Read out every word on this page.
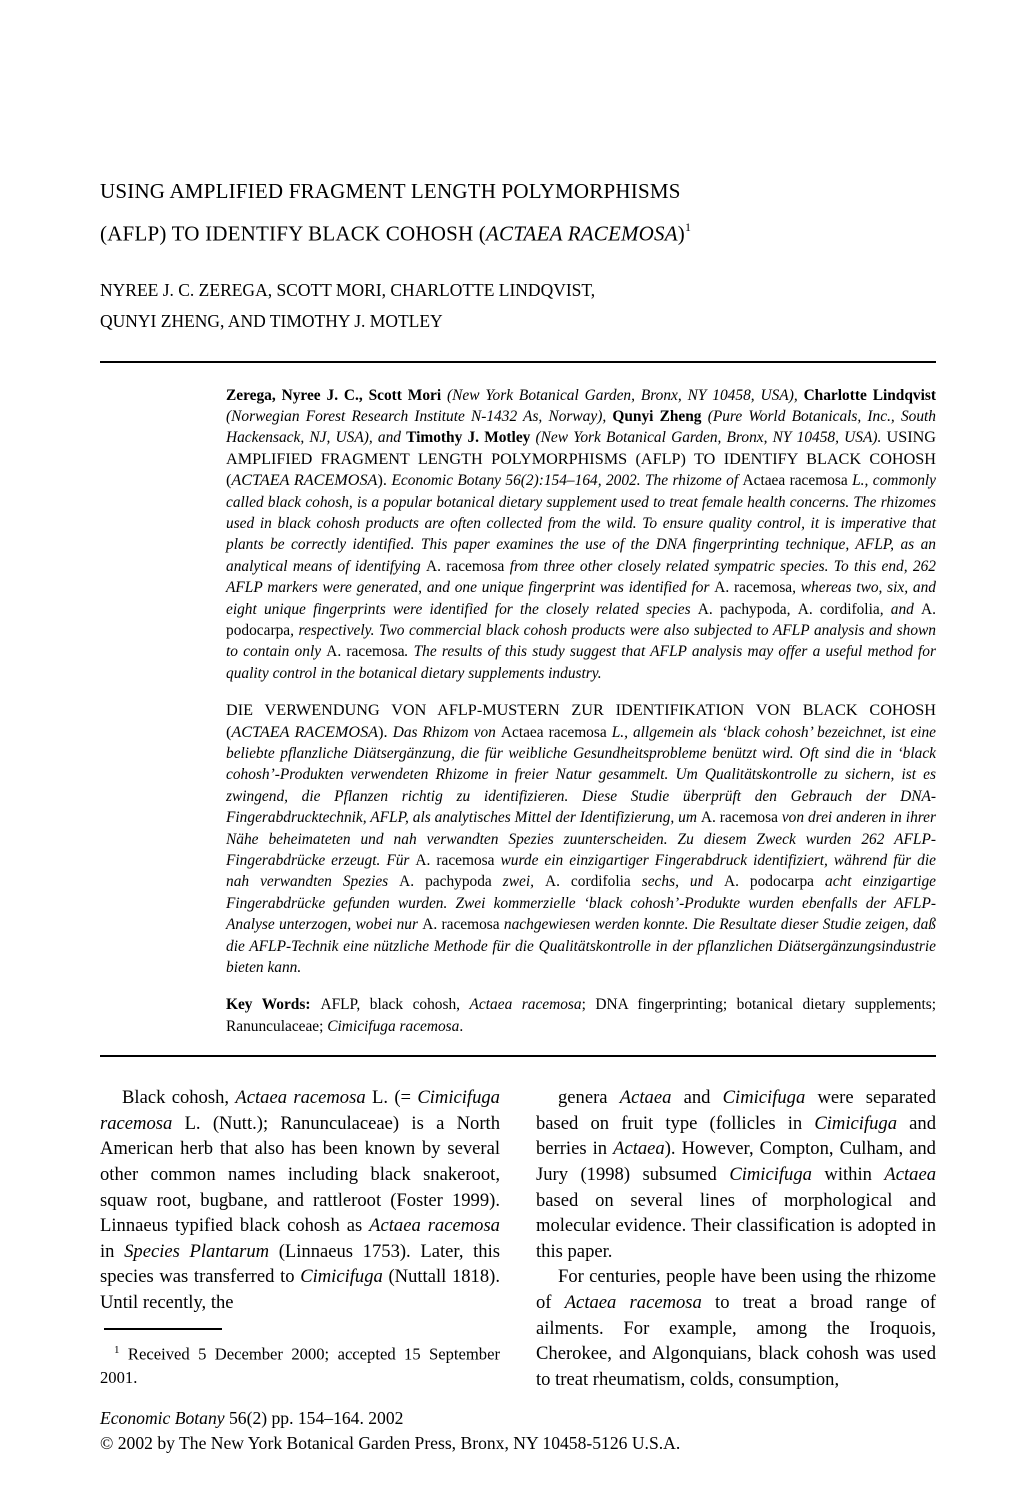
USING AMPLIFIED FRAGMENT LENGTH POLYMORPHISMS
(AFLP) TO IDENTIFY BLACK COHOSH (ACTAEA RACEMOSA)$^1$
NYREE J. C. ZEREGA, SCOTT MORI, CHARLOTTE LINDQVIST,
QUNYI ZHENG, AND TIMOTHY J. MOTLEY

Zerega, Nyree J. C., Scott Mori (New York Botanical Garden, Bronx, NY 10458, USA), Charlotte Lindqvist (Norwegian Forest Research Institute N-1432 As, Norway), Qunyi Zheng (Pure World Botanicals, Inc., South Hackensack, NJ, USA), and Timothy J. Motley (New York Botanical Garden, Bronx, NY 10458, USA). USING AMPLIFIED FRAGMENT LENGTH POLYMORPHISMS (AFLP) TO IDENTIFY BLACK COHOSH (ACTAEA RACEMOSA). Economic Botany 56(2):154–164, 2002. The rhizome of Actaea racemosa L., commonly called black cohosh, is a popular botanical dietary supplement used to treat female health concerns. The rhizomes used in black cohosh products are often collected from the wild. To ensure quality control, it is imperative that plants be correctly identified. This paper examines the use of the DNA fingerprinting technique, AFLP, as an analytical means of identifying A. racemosa from three other closely related sympatric species. To this end, 262 AFLP markers were generated, and one unique fingerprint was identified for A. racemosa, whereas two, six, and eight unique fingerprints were identified for the closely related species A. pachypoda, A. cordifolia, and A. podocarpa, respectively. Two commercial black cohosh products were also subjected to AFLP analysis and shown to contain only A. racemosa. The results of this study suggest that AFLP analysis may offer a useful method for quality control in the botanical dietary supplements industry.

DIE VERWENDUNG VON AFLP-MUSTERN ZUR IDENTIFIKATION VON BLACK COHOSH (ACTAEA RACEMOSA). Das Rhizom von Actaea racemosa L., allgemein als ‘black cohosh’ bezeichnet, ist eine beliebte pflanzliche Diätsergänzung, die für weibliche Gesundheitsprobleme benützt wird. Oft sind die in ‘black cohosh’-Produkten verwendeten Rhizome in freier Natur gesammelt. Um Qualitätskontrolle zu sichern, ist es zwingend, die Pflanzen richtig zu identifizieren. Diese Studie überprüft den Gebrauch der DNA-Fingerabdrucktechnik, AFLP, als analytisches Mittel der Identifizierung, um A. racemosa von drei anderen in ihrer Nähe beheimateten und nah verwandten Spezies zuunterscheiden. Zu diesem Zweck wurden 262 AFLP-Fingerabdrücke erzeugt. Für A. racemosa wurde ein einzigartiger Fingerabdruck identifiziert, während für die nah verwandten Spezies A. pachypoda zwei, A. cordifolia sechs, und A. podocarpa acht einzigartige Fingerabdrücke gefunden wurden. Zwei kommerzielle ‘black cohosh’-Produkte wurden ebenfalls der AFLP-Analyse unterzogen, wobei nur A. racemosa nachgewiesen werden konnte. Die Resultate dieser Studie zeigen, daß die AFLP-Technik eine nützliche Methode für die Qualitätskontrolle in der pflanzlichen Diätsergänzungsindustrie bieten kann.

Key Words: AFLP, black cohosh, Actaea racemosa; DNA fingerprinting; botanical dietary supplements; Ranunculaceae; Cimicifuga racemosa.

Black cohosh, Actaea racemosa L. (= Cimicifuga racemosa L. (Nutt.); Ranunculaceae) is a North American herb that also has been known by several other common names including black snakeroot, squaw root, bugbane, and rattleroot (Foster 1999). Linnaeus typified black cohosh as Actaea racemosa in Species Plantarum (Linnaeus 1753). Later, this species was transferred to Cimicifuga (Nuttall 1818). Until recently, the

$^1$ Received 5 December 2000; accepted 15 September 2001.

genera Actaea and Cimicifuga were separated based on fruit type (follicles in Cimicifuga and berries in Actaea). However, Compton, Culham, and Jury (1998) subsumed Cimicifuga within Actaea based on several lines of morphological and molecular evidence. Their classification is adopted in this paper.

For centuries, people have been using the rhizome of Actaea racemosa to treat a broad range of ailments. For example, among the Iroquois, Cherokee, and Algonquians, black cohosh was used to treat rheumatism, colds, consumption,

Economic Botany 56(2) pp. 154–164. 2002

© 2002 by The New York Botanical Garden Press, Bronx, NY 10458-5126 U.S.A.
